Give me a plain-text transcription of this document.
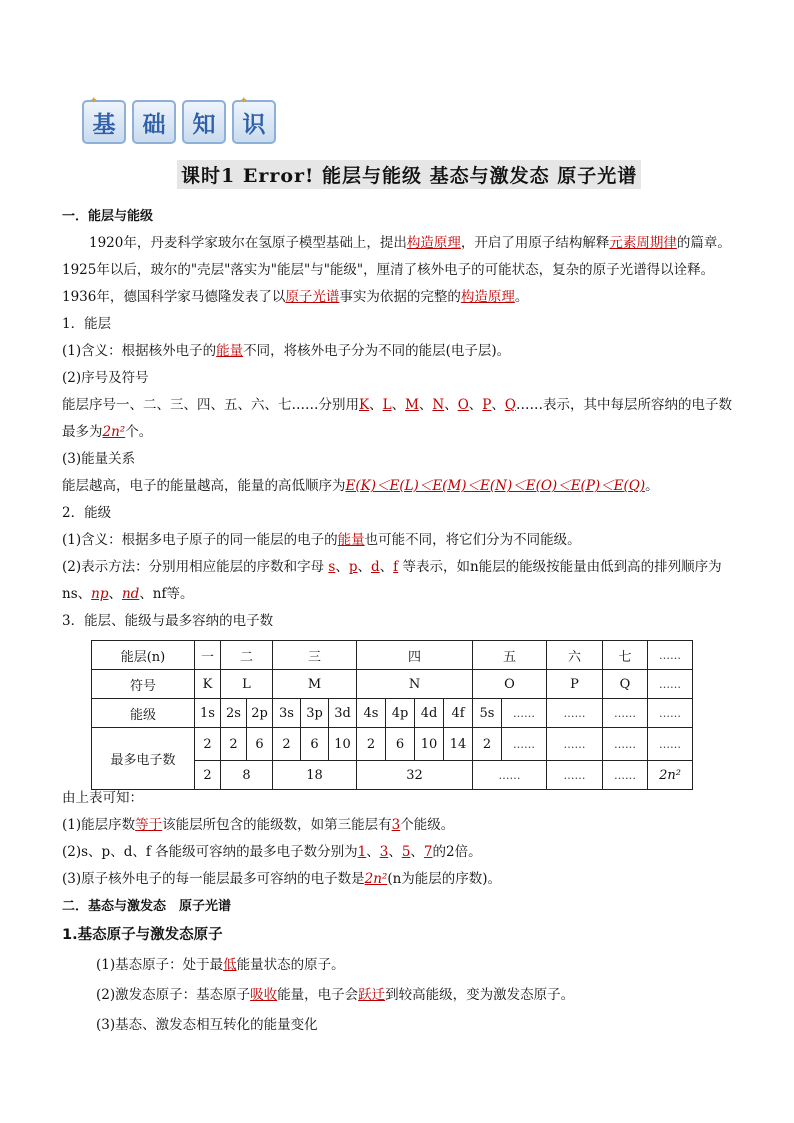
✦
基 础 知
✦
识
课时1 Error! 能层与能级 基态与激发态 原子光谱
一．能层与能级
1920年，丹麦科学家玻尔在氢原子模型基础上，提出构造原理，开启了用原子结构解释元素周期律的篇章。1925年以后，玻尔的"壳层"落实为"能层"与"能级"，厘清了核外电子的可能状态，复杂的原子光谱得以诠释。1936年，德国科学家马德隆发表了以原子光谱事实为依据的完整的构造原理。
1．能层
(1)含义：根据核外电子的能量不同，将核外电子分为不同的能层(电子层)。
(2)序号及符号
能层序号一、二、三、四、五、六、七……分别用K、L、M、N、O、P、Q……表示，其中每层所容纳的电子数最多为2n²个。
(3)能量关系
能层越高，电子的能量越高，能量的高低顺序为E(K)＜E(L)＜E(M)＜E(N)＜E(O)＜E(P)＜E(Q)。
2．能级
(1)含义：根据多电子原子的同一能层的电子的能量也可能不同，将它们分为不同能级。
(2)表示方法：分别用相应能层的序数和字母 s、p、d、f 等表示，如n能层的能级按能量由低到高的排列顺序为ns、np、nd、nf等。
3．能层、能级与最多容纳的电子数
能层(n)	一	二		三			四				五		六	七	……
符号	K	L		M			N				O		P	Q	……
能级	1s	2s	2p	3s	3p	3d	4s	4p	4d	4f	5s	……	……	……	……
最多电子数	2	2	6	2	6	10	2	6	10	14	2	……	……	……	……
	2	8		18			32				……		……	……	2n²
由上表可知：
(1)能层序数等于该能层所包含的能级数，如第三能层有3个能级。
(2)s、p、d、f 各能级可容纳的最多电子数分别为1、3、5、7的2倍。
(3)原子核外电子的每一能层最多可容纳的电子数是2n²(n为能层的序数)。
二．基态与激发态　原子光谱
1.基态原子与激发态原子
(1)基态原子：处于最低能量状态的原子。
(2)激发态原子：基态原子吸收能量，电子会跃迁到较高能级，变为激发态原子。
(3)基态、激发态相互转化的能量变化
